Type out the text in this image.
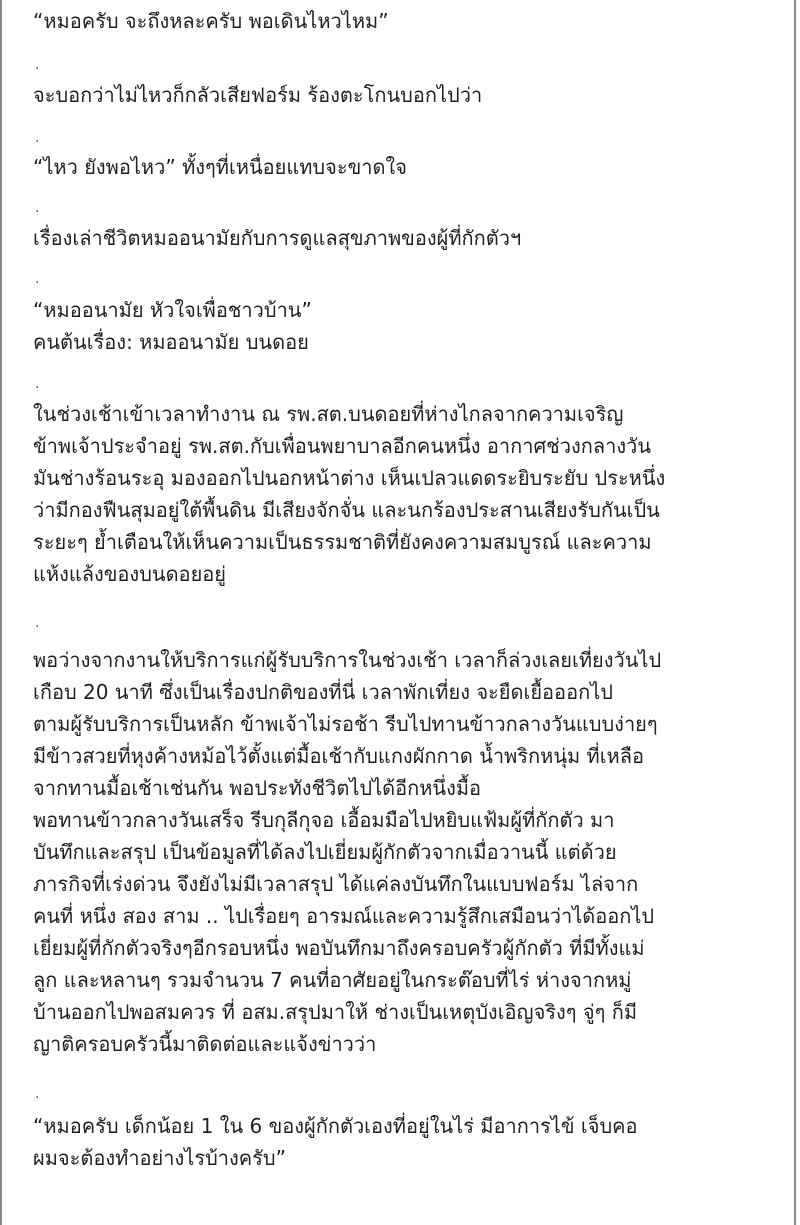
“หมอครับ จะถึงหละครับ พอเดินไหวไหม”
.
จะบอกว่าไม่ไหวก็กลัวเสียฟอร์ม ร้องตะโกนบอกไปว่า
.
“ไหว ยังพอไหว” ทั้งๆที่เหนื่อยแทบจะขาดใจ
.
เรื่องเล่าชีวิตหมออนามัยกับการดูแลสุขภาพของผู้ที่กักตัวฯ
.
“หมออนามัย หัวใจเพื่อชาวบ้าน”
คนต้นเรื่อง: หมออนามัย บนดอย
.
ในช่วงเช้าเข้าเวลาทำงาน ณ รพ.สต.บนดอยที่ห่างไกลจากความเจริญ
ข้าพเจ้าประจำอยู่ รพ.สต.กับเพื่อนพยาบาลอีกคนหนึ่ง อากาศช่วงกลางวัน
มันช่างร้อนระอุ มองออกไปนอกหน้าต่าง เห็นเปลวแดดระยิบระยับ ประหนึ่ง
ว่ามีกองฟืนสุมอยู่ใต้พื้นดิน มีเสียงจักจั่น และนกร้องประสานเสียงรับกันเป็น
ระยะๆ ย้ำเตือนให้เห็นความเป็นธรรมชาติที่ยังคงความสมบูรณ์ และความ
แห้งแล้งของบนดอยอยู่
.
พอว่างจากงานให้บริการแก่ผู้รับบริการในช่วงเช้า เวลาก็ล่วงเลยเที่ยงวันไป
เกือบ 20 นาที ซึ่งเป็นเรื่องปกติของที่นี่ เวลาพักเที่ยง จะยืดเยื้อออกไป
ตามผู้รับบริการเป็นหลัก ข้าพเจ้าไม่รอช้า รีบไปทานข้าวกลางวันแบบง่ายๆ
มีข้าวสวยที่หุงค้างหม้อไว้ตั้งแต่มื้อเช้ากับแกงผักกาด น้ำพริกหนุ่ม ที่เหลือ
จากทานมื้อเช้าเช่นกัน พอประทังชีวิตไปได้อีกหนึ่งมื้อ
พอทานข้าวกลางวันเสร็จ รีบกุลีกุจอ เอื้อมมือไปหยิบแฟ้มผู้ที่กักตัว มา
บันทึกและสรุป เป็นข้อมูลที่ได้ลงไปเยี่ยมผู้กักตัวจากเมื่อวานนี้ แต่ด้วย
ภารกิจที่เร่งด่วน จึงยังไม่มีเวลาสรุป ได้แค่ลงบันทึกในแบบฟอร์ม ไล่จาก
คนที่ หนึ่ง สอง สาม .. ไปเรื่อยๆ อารมณ์และความรู้สึกเสมือนว่าได้ออกไป
เยี่ยมผู้ที่กักตัวจริงๆอีกรอบหนึ่ง พอบันทึกมาถึงครอบครัวผู้กักตัว ที่มีทั้งแม่
ลูก และหลานๆ รวมจำนวน 7 คนที่อาศัยอยู่ในกระต๊อบที่ไร่ ห่างจากหมู่
บ้านออกไปพอสมควร ที่ อสม.สรุปมาให้ ช่างเป็นเหตุบังเอิญจริงๆ จู่ๆ ก็มี
ญาติครอบครัวนี้มาติดต่อและแจ้งข่าวว่า
.
“หมอครับ เด็กน้อย 1 ใน 6 ของผู้กักตัวเองที่อยู่ในไร่ มีอาการไข้ เจ็บคอ
ผมจะต้องทำอย่างไรบ้างครับ”
